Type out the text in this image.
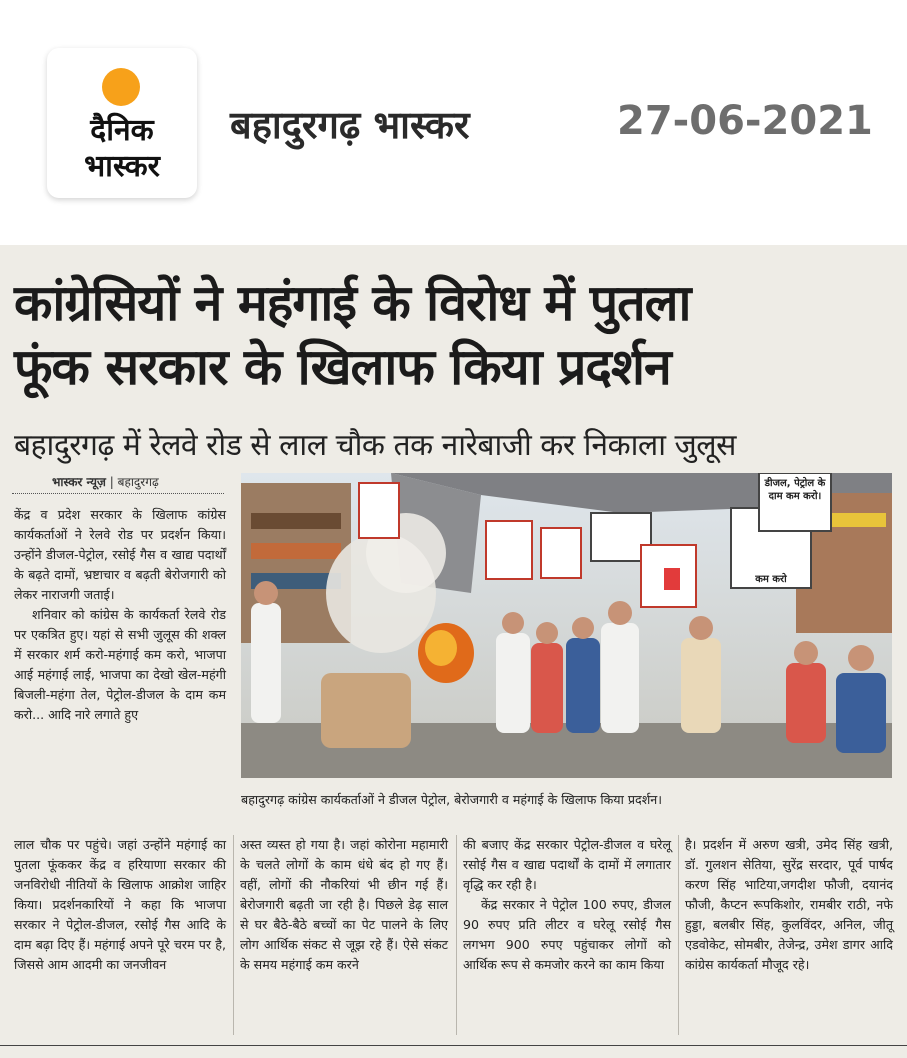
दैनिक
भास्कर
बहादुरगढ़ भास्कर	27-06-2021
कांग्रेसियों ने महंगाई के विरोध में पुतला
फूंक सरकार के खिलाफ किया प्रदर्शन
बहादुरगढ़ में रेलवे रोड से लाल चौक तक नारेबाजी कर निकाला जुलूस
भास्कर न्यूज़ | बहादुरगढ़

केंद्र व प्रदेश सरकार के खिलाफ कांग्रेस कार्यकर्ताओं ने रेलवे रोड पर प्रदर्शन किया। उन्होंने डीजल-पेट्रोल, रसोई गैस व खाद्य पदार्थों के बढ़ते दामों, भ्रष्टाचार व बढ़ती बेरोजगारी को लेकर नाराजगी जताई।

शनिवार को कांग्रेस के कार्यकर्ता रेलवे रोड पर एकत्रित हुए। यहां से सभी जुलूस की शक्ल में सरकार शर्म करो-महंगाई कम करो, भाजपा आई महंगाई लाई, भाजपा का देखो खेल-महंगी बिजली-महंगा तेल, पेट्रोल-डीजल के दाम कम करो... आदि नारे लगाते हुए

डीजल, पेट्रोल के दाम कम करो।
कम करो
बहादुरगढ़ कांग्रेस कार्यकर्ताओं ने डीजल पेट्रोल, बेरोजगारी व महंगाई के खिलाफ किया प्रदर्शन।

लाल चौक पर पहुंचे। जहां उन्होंने महंगाई का पुतला फूंककर केंद्र व हरियाणा सरकार की जनविरोधी नीतियों के खिलाफ आक्रोश जाहिर किया। प्रदर्शनकारियों ने कहा कि भाजपा सरकार ने पेट्रोल-डीजल, रसोई गैस आदि के दाम बढ़ा दिए हैं। महंगाई अपने पूरे चरम पर है, जिससे आम आदमी का जनजीवन

अस्त व्यस्त हो गया है। जहां कोरोना महामारी के चलते लोगों के काम धंधे बंद हो गए हैं। वहीं, लोगों की नौकरियां भी छीन गई हैं। बेरोजगारी बढ़ती जा रही है। पिछले डेढ़ साल से घर बैठे-बैठे बच्चों का पेट पालने के लिए लोग आर्थिक संकट से जूझ रहे हैं। ऐसे संकट के समय महंगाई कम करने

की बजाए केंद्र सरकार पेट्रोल-डीजल व घरेलू रसोई गैस व खाद्य पदार्थों के दामों में लगातार वृद्धि कर रही है।

केंद्र सरकार ने पेट्रोल 100 रुपए, डीजल 90 रुपए प्रति लीटर व घरेलू रसोई गैस लगभग 900 रुपए पहुंचाकर लोगों को आर्थिक रूप से कमजोर करने का काम किया

है। प्रदर्शन में अरुण खत्री, उमेद सिंह खत्री, डॉ. गुलशन सेतिया, सुरेंद्र सरदार, पूर्व पार्षद करण सिंह भाटिया,जगदीश फौजी, दयानंद फौजी, कैप्टन रूपकिशोर, रामबीर राठी, नफे हुड्डा, बलबीर सिंह, कुलविंदर, अनिल, जीतू एडवोकेट, सोमबीर, तेजेन्द्र, उमेश डागर आदि कांग्रेस कार्यकर्ता मौजूद रहे।
